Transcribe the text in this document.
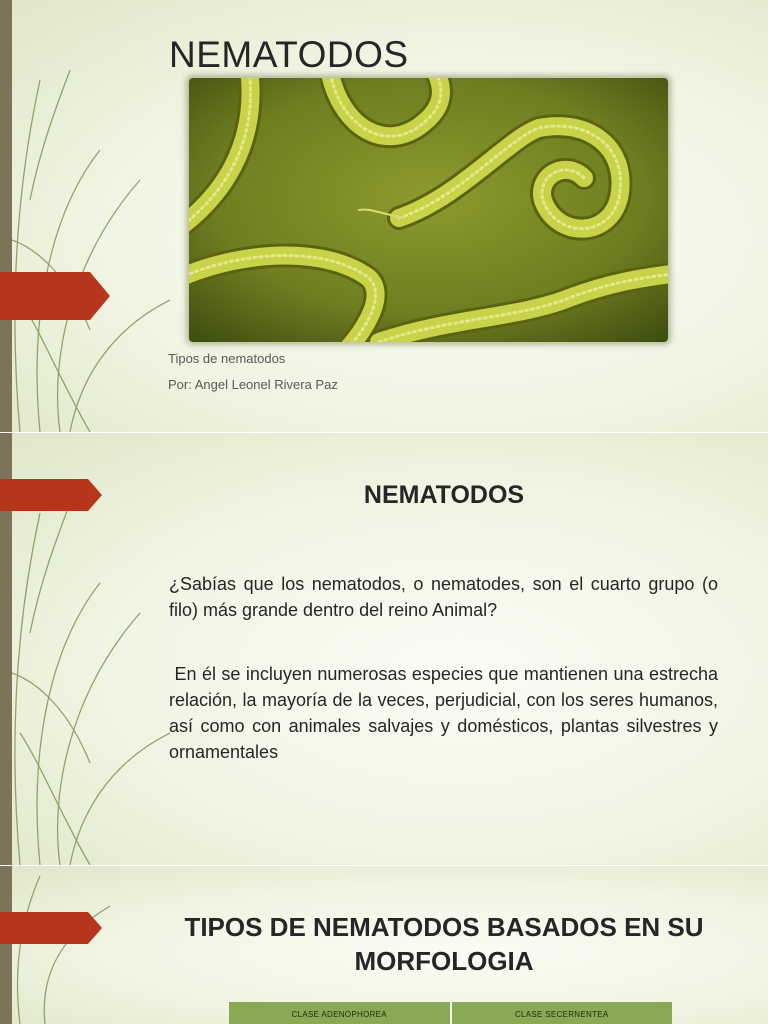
NEMATODOS

Tipos de nematodos

Por: Angel Leonel Rivera Paz

NEMATODOS

¿Sabías que los nematodos, o nematodes, son el cuarto grupo (o filo) más grande dentro del reino Animal?

En él se incluyen numerosas especies que mantienen una estrecha relación, la mayoría de la veces, perjudicial, con los seres humanos, así como con animales salvajes y domésticos, plantas silvestres y ornamentales

TIPOS DE NEMATODOS BASADOS EN SU MORFOLOGIA
CLASE ADENOPHOREA	CLASE SECERNENTEA
